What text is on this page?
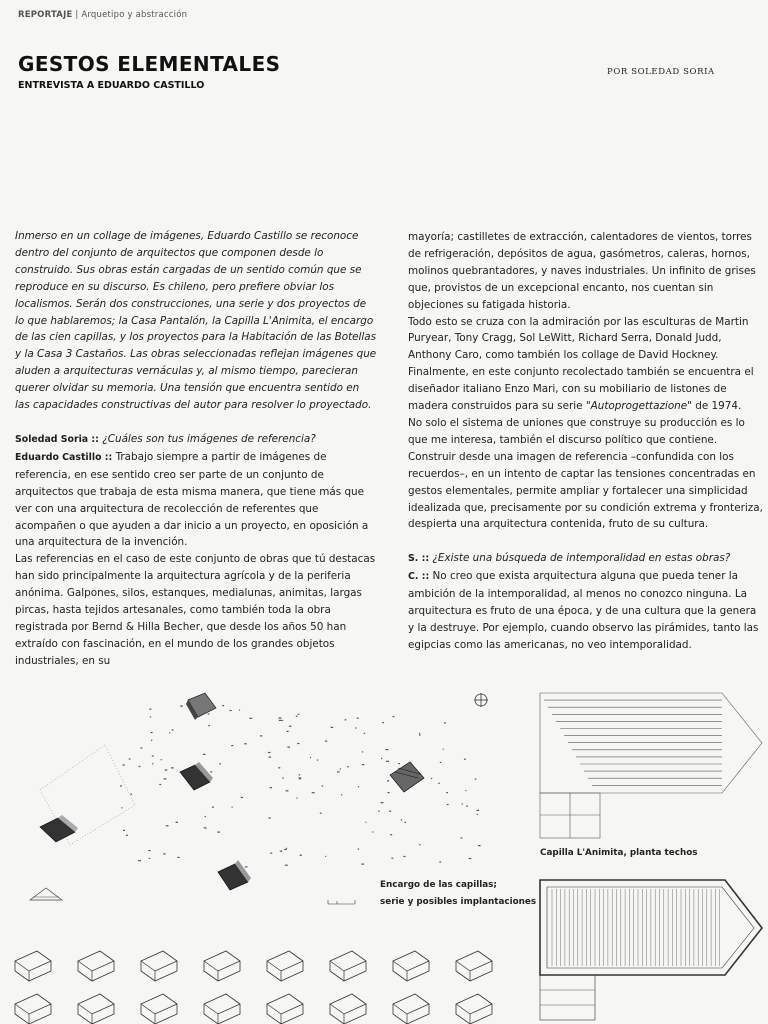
REPORTAJE | Arquetipo y abstracción
GESTOS ELEMENTALES
ENTREVISTA A EDUARDO CASTILLO
POR SOLEDAD SORIA

Inmerso en un collage de imágenes, Eduardo Castillo se reconoce dentro del conjunto de arquitectos que componen desde lo construido. Sus obras están cargadas de un sentido común que se reproduce en su discurso. Es chileno, pero prefiere obviar los localismos. Serán dos construcciones, una serie y dos proyectos de lo que hablaremos; la Casa Pantalón, la Capilla L'Animita, el encargo de las cien capillas, y los proyectos para la Habitación de las Botellas y la Casa 3 Castaños. Las obras seleccionadas reflejan imágenes que aluden a arquitecturas vernáculas y, al mismo tiempo, parecieran querer olvidar su memoria. Una tensión que encuentra sentido en las capacidades constructivas del autor para resolver lo proyectado.

Soledad Soria :: ¿Cuáles son tus imágenes de referencia?

Eduardo Castillo :: Trabajo siempre a partir de imágenes de referencia, en ese sentido creo ser parte de un conjunto de arquitectos que trabaja de esta misma manera, que tiene más que ver con una arquitectura de recolección de referentes que acompañen o que ayuden a dar inicio a un proyecto, en oposición a una arquitectura de la invención.

Las referencias en el caso de este conjunto de obras que tú destacas han sido principalmente la arquitectura agrícola y de la periferia anónima. Galpones, silos, estanques, medialunas, animitas, largas pircas, hasta tejidos artesanales, como también toda la obra registrada por Bernd & Hilla Becher, que desde los años 50 han extraído con fascinación, en el mundo de los grandes objetos industriales, en su

mayoría; castilletes de extracción, calentadores de vientos, torres de refrigeración, depósitos de agua, gasómetros, caleras, hornos, molinos quebrantadores, y naves industriales. Un infinito de grises que, provistos de un excepcional encanto, nos cuentan sin objeciones su fatigada historia.

Todo esto se cruza con la admiración por las esculturas de Martin Puryear, Tony Cragg, Sol LeWitt, Richard Serra, Donald Judd, Anthony Caro, como también los collage de David Hockney.

Finalmente, en este conjunto recolectado también se encuentra el diseñador italiano Enzo Mari, con su mobiliario de listones de madera construidos para su serie "Autoprogettazione" de 1974.

No solo el sistema de uniones que construye su producción es lo que me interesa, también el discurso político que contiene.

Construir desde una imagen de referencia –confundida con los recuerdos–, en un intento de captar las tensiones concentradas en gestos elementales, permite ampliar y fortalecer una simplicidad idealizada que, precisamente por su condición extrema y fronteriza, despierta una arquitectura contenida, fruto de su cultura.

S. :: ¿Existe una búsqueda de intemporalidad en estas obras?

C. :: No creo que exista arquitectura alguna que pueda tener la ambición de la intemporalidad, al menos no conozco ninguna. La arquitectura es fruto de una época, y de una cultura que la genera y la destruye. Por ejemplo, cuando observo las pirámides, tanto las egipcias como las americanas, no veo intemporalidad.

Encargo de las capillas;
serie y posibles implantaciones
Capilla L'Animita, planta techos
